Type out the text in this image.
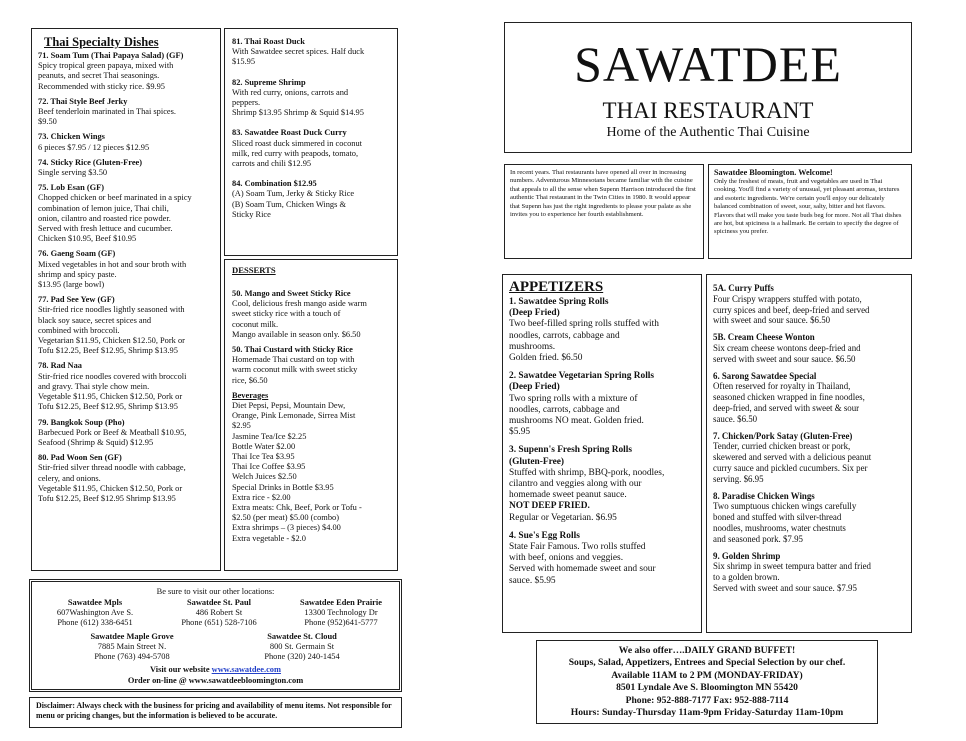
Thai Specialty Dishes
71. Soam Tum (Thai Papaya Salad) (GF)
Spicy tropical green papaya, mixed with
peanuts, and secret Thai seasonings.
Recommended with sticky rice. $9.95
72. Thai Style Beef Jerky
Beef tenderloin marinated in Thai spices.
$9.50
73. Chicken Wings
6 pieces $7.95 / 12 pieces $12.95
74. Sticky Rice (Gluten-Free)
Single serving $3.50
75. Lob Esan (GF)
Chopped chicken or beef marinated in a spicy
combination of lemon juice, Thai chili,
onion, cilantro and roasted rice powder.
Served with fresh lettuce and cucumber.
Chicken $10.95, Beef $10.95
76. Gaeng Soam (GF)
Mixed vegetables in hot and sour broth with
shrimp and spicy paste.
$13.95 (large bowl)
77. Pad See Yew (GF)
Stir-fried rice noodles lightly seasoned with
black soy sauce, secret spices and
combined with broccoli.
Vegetarian $11.95, Chicken $12.50, Pork or
Tofu $12.25, Beef $12.95, Shrimp $13.95
78. Rad Naa
Stir-fried rice noodles covered with broccoli
and gravy. Thai style chow mein.
Vegetable $11.95, Chicken $12.50, Pork or
Tofu $12.25, Beef $12.95, Shrimp $13.95
79. Bangkok Soup (Pho)
Barbecued Pork or Beef & Meatball $10.95,
Seafood (Shrimp & Squid) $12.95
80. Pad Woon Sen (GF)
Stir-fried silver thread noodle with cabbage,
celery, and onions.
Vegetable $11.95, Chicken $12.50, Pork or
Tofu $12.25, Beef $12.95 Shrimp $13.95
81. Thai Roast Duck
With Sawatdee secret spices. Half duck
$15.95
82. Supreme Shrimp
With red curry, onions, carrots and
peppers.
Shrimp $13.95 Shrimp & Squid $14.95
83. Sawatdee Roast Duck Curry
Sliced roast duck simmered in coconut
milk, red curry with peapods, tomato,
carrots and chili $12.95
84. Combination $12.95
(A) Soam Tum, Jerky & Sticky Rice
(B) Soam Tum, Chicken Wings &
Sticky Rice
DESSERTS
50. Mango and Sweet Sticky Rice
Cool, delicious fresh mango aside warm
sweet sticky rice with a touch of
coconut milk.
Mango available in season only. $6.50
50. Thai Custard with Sticky Rice
Homemade Thai custard on top with
warm coconut milk with sweet sticky
rice, $6.50
Beverages
Diet Pepsi, Pepsi, Mountain Dew,
Orange, Pink Lemonade, Sirrea Mist
$2.95
Jasmine Tea/Ice $2.25
Bottle Water $2.00
Thai Ice Tea $3.95
Thai Ice Coffee $3.95
Welch Juices $2.50
Special Drinks in Bottle $3.95
Extra rice - $2.00
Extra meats: Chk, Beef, Pork or Tofu -
$2.50 (per meat) $5.00 (combo)
Extra shrimps – (3 pieces) $4.00
Extra vegetable - $2.0
Be sure to visit our other locations:
Sawatdee Mpls
607Washington Ave S.
Phone (612) 338-6451
Sawatdee St. Paul
486 Robert St
Phone (651) 528-7106
Sawatdee Eden Prairie
13300 Technology Dr
Phone (952)641-5777
Sawatdee Maple Grove
7885 Main Street N.
Phone (763) 494-5708
Sawatdee St. Cloud
800 St. Germain St
Phone (320) 240-1454
Visit our website www.sawatdee.com
Order on-line @ www.sawatdeebloomington.com
Disclaimer: Always check with the business for pricing and availability of menu items. Not responsible for menu or pricing changes, but the information is believed to be accurate.
SAWATDEE
THAI RESTAURANT
Home of the Authentic Thai Cuisine
In recent years. Thai restaurants have opened all over in increasing numbers. Adventurous Minnesotans became familiar with the cuisine that appeals to all the sense when Supenn Harrison introduced the first authentic Thai restaurant in the Twin Cities in 1980. It would appear that Supenn has just the right ingredients to please your palate as she invites you to experience her fourth establishment.
Sawatdee Bloomington. Welcome!
Only the freshest of meats, fruit and vegetables are used in Thai cooking. You'll find a variety of unusual, yet pleasant aromas, textures and esoteric ingredients. We're certain you'll enjoy our delicately balanced combination of sweet, sour, salty, bitter and hot flavors. Flavors that will make you taste buds beg for more. Not all Thai dishes are hot, but spiciness is a hallmark. Be certain to specify the degree of spiciness you prefer.
APPETIZERS
1. Sawatdee Spring Rolls
(Deep Fried)
Two beef-filled spring rolls stuffed with
noodles, carrots, cabbage and
mushrooms.
Golden fried. $6.50
2. Sawatdee Vegetarian Spring Rolls
(Deep Fried)
Two spring rolls with a mixture of
noodles, carrots, cabbage and
mushrooms NO meat. Golden fried.
$5.95
3. Supenn's Fresh Spring Rolls
(Gluten-Free)
Stuffed with shrimp, BBQ-pork, noodles,
cilantro and veggies along with our
homemade sweet peanut sauce.
NOT DEEP FRIED.
Regular or Vegetarian. $6.95
4. Sue's Egg Rolls
State Fair Famous. Two rolls stuffed
with beef, onions and veggies.
Served with homemade sweet and sour
sauce. $5.95
5A. Curry Puffs
Four Crispy wrappers stuffed with potato,
curry spices and beef, deep-fried and served
with sweet and sour sauce. $6.50
5B. Cream Cheese Wonton
Six cream cheese wontons deep-fried and
served with sweet and sour sauce. $6.50
6. Sarong Sawatdee Special
Often reserved for royalty in Thailand,
seasoned chicken wrapped in fine noodles,
deep-fried, and served with sweet & sour
sauce. $6.50
7. Chicken/Pork Satay (Gluten-Free)
Tender, curried chicken breast or pork,
skewered and served with a delicious peanut
curry sauce and pickled cucumbers. Six per
serving. $6.95
8. Paradise Chicken Wings
Two sumptuous chicken wings carefully
boned and stuffed with silver-thread
noodles, mushrooms, water chestnuts
and seasoned pork. $7.95
9. Golden Shrimp
Six shrimp in sweet tempura batter and fried
to a golden brown.
Served with sweet and sour sauce. $7.95
We also offer….DAILY GRAND BUFFET!
Soups, Salad, Appetizers, Entrees and Special Selection by our chef.
Available 11AM to 2 PM (MONDAY-FRIDAY)
8501 Lyndale Ave S. Bloomington MN 55420
Phone: 952-888-7177 Fax: 952-888-7114
Hours: Sunday-Thursday 11am-9pm Friday-Saturday 11am-10pm
